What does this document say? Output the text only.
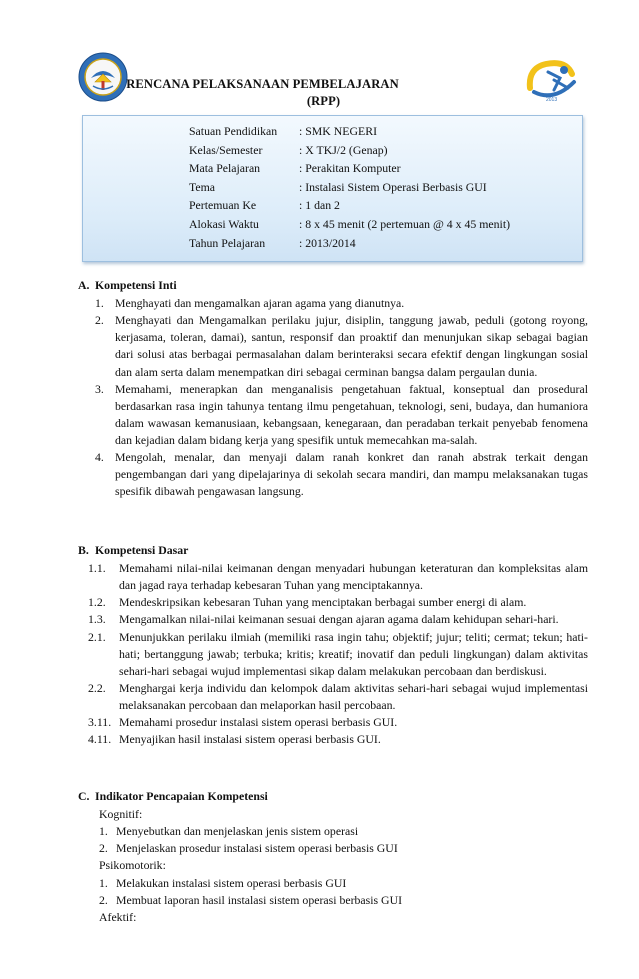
2013
RENCANA PELAKSANAAN PEMBELAJARAN
(RPP)
Satuan Pendidikan	: SMK NEGERI
Kelas/Semester	: X TKJ/2 (Genap)
Mata Pelajaran	: Perakitan Komputer
Tema	: Instalasi Sistem Operasi Berbasis GUI
Pertemuan Ke	: 1 dan 2
Alokasi Waktu	: 8 x 45 menit (2 pertemuan @ 4 x 45 menit)
Tahun Pelajaran	: 2013/2014
A. Kompetensi Inti
1. Menghayati dan mengamalkan ajaran agama yang dianutnya.
2. Menghayati dan Mengamalkan perilaku jujur, disiplin, tanggung jawab, peduli (gotong royong, kerjasama, toleran, damai), santun, responsif dan proaktif dan menunjukan sikap sebagai bagian dari solusi atas berbagai permasalahan dalam berinteraksi secara efektif dengan lingkungan sosial dan alam serta dalam menempatkan diri sebagai cerminan bangsa dalam pergaulan dunia.
3. Memahami, menerapkan dan menganalisis pengetahuan faktual, konseptual dan prosedural berdasarkan rasa ingin tahunya tentang ilmu pengetahuan, teknologi, seni, budaya, dan humaniora dalam wawasan kemanusiaan, kebangsaan, kenegaraan, dan peradaban terkait penyebab fenomena dan kejadian dalam bidang kerja yang spesifik untuk memecahkan ma-salah.
4. Mengolah, menalar, dan menyaji dalam ranah konkret dan ranah abstrak terkait dengan pengembangan dari yang dipelajarinya di sekolah secara mandiri, dan mampu melaksanakan tugas spesifik dibawah pengawasan langsung.
B. Kompetensi Dasar
1.1.	Memahami nilai-nilai keimanan dengan menyadari hubungan keteraturan dan kompleksitas alam dan jagad raya terhadap kebesaran Tuhan yang menciptakannya.
1.2.	Mendeskripsikan kebesaran Tuhan yang menciptakan berbagai sumber energi di alam.
1.3.	Mengamalkan nilai-nilai keimanan sesuai dengan ajaran agama dalam kehidupan sehari-hari.
2.1.	Menunjukkan perilaku ilmiah (memiliki rasa ingin tahu; objektif; jujur; teliti; cermat; tekun; hati-hati; bertanggung jawab; terbuka; kritis; kreatif; inovatif dan peduli lingkungan) dalam aktivitas sehari-hari sebagai wujud implementasi sikap dalam melakukan percobaan dan berdiskusi.
2.2.	Menghargai kerja individu dan kelompok dalam aktivitas sehari-hari sebagai wujud implementasi melaksanakan percobaan dan melaporkan hasil percobaan.
3.11. Memahami prosedur instalasi sistem operasi berbasis GUI.
4.11. Menyajikan hasil instalasi sistem operasi berbasis GUI.
C. Indikator Pencapaian Kompetensi
Kognitif:
1. Menyebutkan dan menjelaskan jenis sistem operasi
2. Menjelaskan prosedur instalasi sistem operasi berbasis GUI
Psikomotorik:
1. Melakukan instalasi sistem operasi berbasis GUI
2. Membuat laporan hasil instalasi sistem operasi berbasis GUI
Afektif:
